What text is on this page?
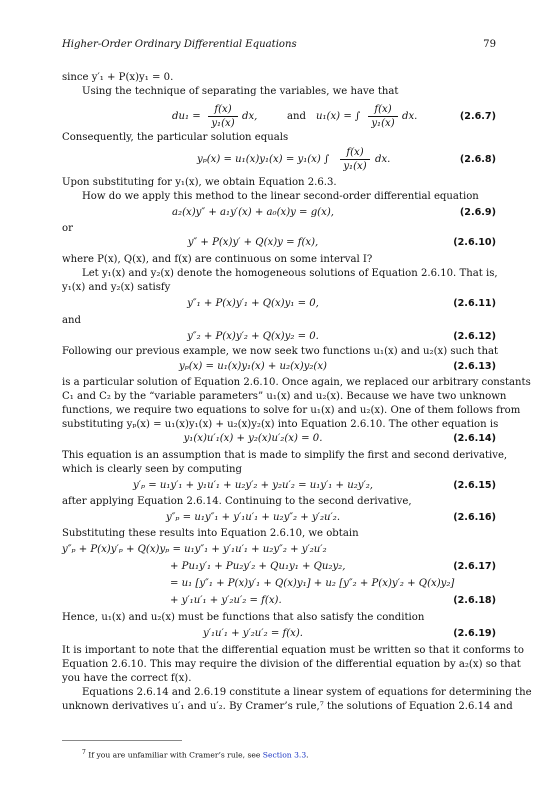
Higher-Order Ordinary Differential Equations	79
since y′₁ + P(x)y₁ = 0.
Using the technique of separating the variables, we have that
$du_1 = \frac{f(x)}{\text{y₁(x)}}$ dx,	and u₁(x) = ∫ $\frac{f(x)}{\text{y₁(x)}}$ dx.	(2.6.7)
Consequently, the particular solution equals
yₚ(x) = u₁(x)y₁(x) = y₁(x) ∫ $\frac{f(x)}{\text{y₁(x)}}$ dx.	(2.6.8)
Upon substituting for y₁(x), we obtain Equation 2.6.3.
How do we apply this method to the linear second-order differential equation
a₂(x)y″ + a₁y′(x) + a₀(x)y = g(x),	(2.6.9)
or
y″ + P(x)y′ + Q(x)y = f(x),	(2.6.10)
where P(x), Q(x), and f(x) are continuous on some interval I?
Let y₁(x) and y₂(x) denote the homogeneous solutions of Equation 2.6.10. That is,
y₁(x) and y₂(x) satisfy
y″₁ + P(x)y′₁ + Q(x)y₁ = 0,	(2.6.11)
and
y″₂ + P(x)y′₂ + Q(x)y₂ = 0.	(2.6.12)
Following our previous example, we now seek two functions u₁(x) and u₂(x) such that
yₚ(x) = u₁(x)y₁(x) + u₂(x)y₂(x)	(2.6.13)
is a particular solution of Equation 2.6.10. Once again, we replaced our arbitrary constants
C₁ and C₂ by the “variable parameters” u₁(x) and u₂(x). Because we have two unknown
functions, we require two equations to solve for u₁(x) and u₂(x). One of them follows from
substituting yₚ(x) = u₁(x)y₁(x) + u₂(x)y₂(x) into Equation 2.6.10. The other equation is
y₁(x)u′₁(x) + y₂(x)u′₂(x) = 0.	(2.6.14)
This equation is an assumption that is made to simplify the first and second derivative,
which is clearly seen by computing
y′ₚ = u₁y′₁ + y₁u′₁ + u₂y′₂ + y₂u′₂ = u₁y′₁ + u₂y′₂,	(2.6.15)
after applying Equation 2.6.14. Continuing to the second derivative,
y″ₚ = u₁y″₁ + y′₁u′₁ + u₂y″₂ + y′₂u′₂.	(2.6.16)
Substituting these results into Equation 2.6.10, we obtain
y″ₚ + P(x)y′ₚ + Q(x)yₚ = u₁y″₁ + y′₁u′₁ + u₂y″₂ + y′₂u′₂
+ Pu₁y′₁ + Pu₂y′₂ + Qu₁y₁ + Qu₂y₂,	(2.6.17)
= u₁ [y″₁ + P(x)y′₁ + Q(x)y₁] + u₂ [y″₂ + P(x)y′₂ + Q(x)y₂]
+ y′₁u′₁ + y′₂u′₂ = f(x).	(2.6.18)
Hence, u₁(x) and u₂(x) must be functions that also satisfy the condition
y′₁u′₁ + y′₂u′₂ = f(x).	(2.6.19)
It is important to note that the differential equation must be written so that it conforms to
Equation 2.6.10. This may require the division of the differential equation by a₂(x) so that
you have the correct f(x).
Equations 2.6.14 and 2.6.19 constitute a linear system of equations for determining the
unknown derivatives u′₁ and u′₂. By Cramer’s rule,⁷ the solutions of Equation 2.6.14 and
$^7$ If you are unfamiliar with Cramer’s rule, see Section 3.3.
